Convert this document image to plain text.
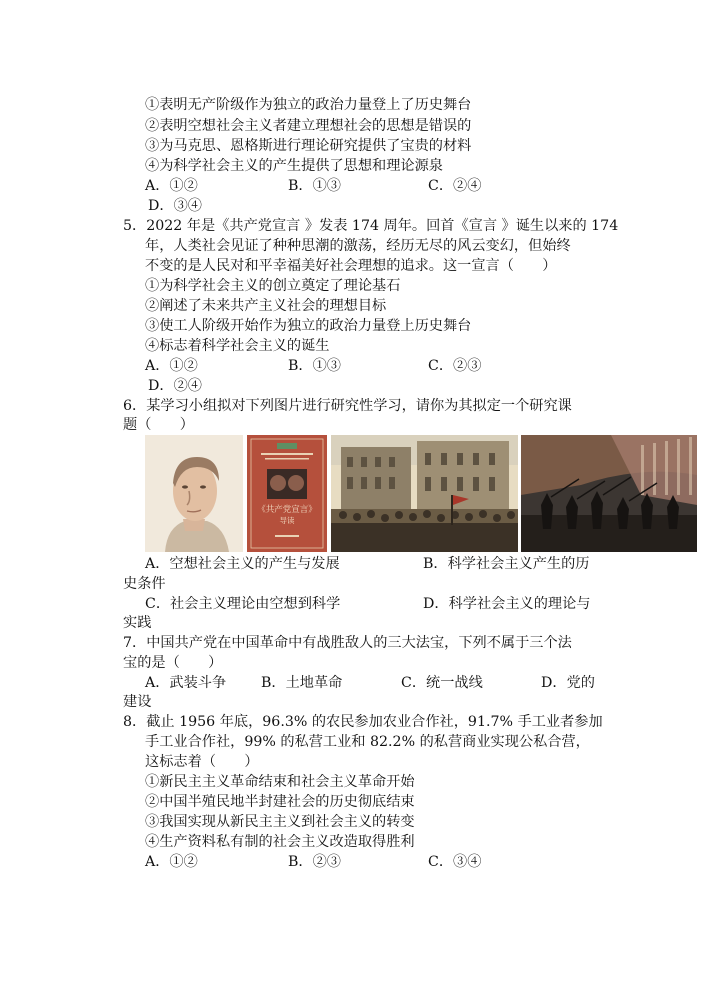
①表明无产阶级作为独立的政治力量登上了历史舞台
②表明空想社会主义者建立理想社会的思想是错误的
③为马克思、恩格斯进行理论研究提供了宝贵的材料
④为科学社会主义的产生提供了思想和理论源泉
A．①②	B．①③	C．②④
D．③④
5．2022 年是《共产党宣言 》发表 174 周年。回首《宣言 》诞生以来的 174
年，人类社会见证了种种思潮的激荡，经历无尽的风云变幻，但始终
不变的是人民对和平幸福美好社会理想的追求。这一宣言（　　）
①为科学社会主义的创立奠定了理论基石
②阐述了未来共产主义社会的理想目标
③使工人阶级开始作为独立的政治力量登上历史舞台
④标志着科学社会主义的诞生
A．①②	B．①③	C．②③
D．②④
6．某学习小组拟对下列图片进行研究性学习，请你为其拟定一个研究课
题（　　）
《共产党宣言》
导读
A．空想社会主义的产生与发展	B．科学社会主义产生的历
史条件
C．社会主义理论由空想到科学	D．科学社会主义的理论与
实践
7．中国共产党在中国革命中有战胜敌人的三大法宝，下列不属于三个法
宝的是（　　）
A．武装斗争 B．土地革命	C．统一战线	D．党的
建设
8．截止 1956 年底，96.3% 的农民参加农业合作社，91.7% 手工业者参加
手工业合作社，99% 的私营工业和 82.2% 的私营商业实现公私合营，
这标志着（　　）
①新民主主义革命结束和社会主义革命开始
②中国半殖民地半封建社会的历史彻底结束
③我国实现从新民主主义到社会主义的转变
④生产资料私有制的社会主义改造取得胜利
A．①②	B．②③	C．③④
